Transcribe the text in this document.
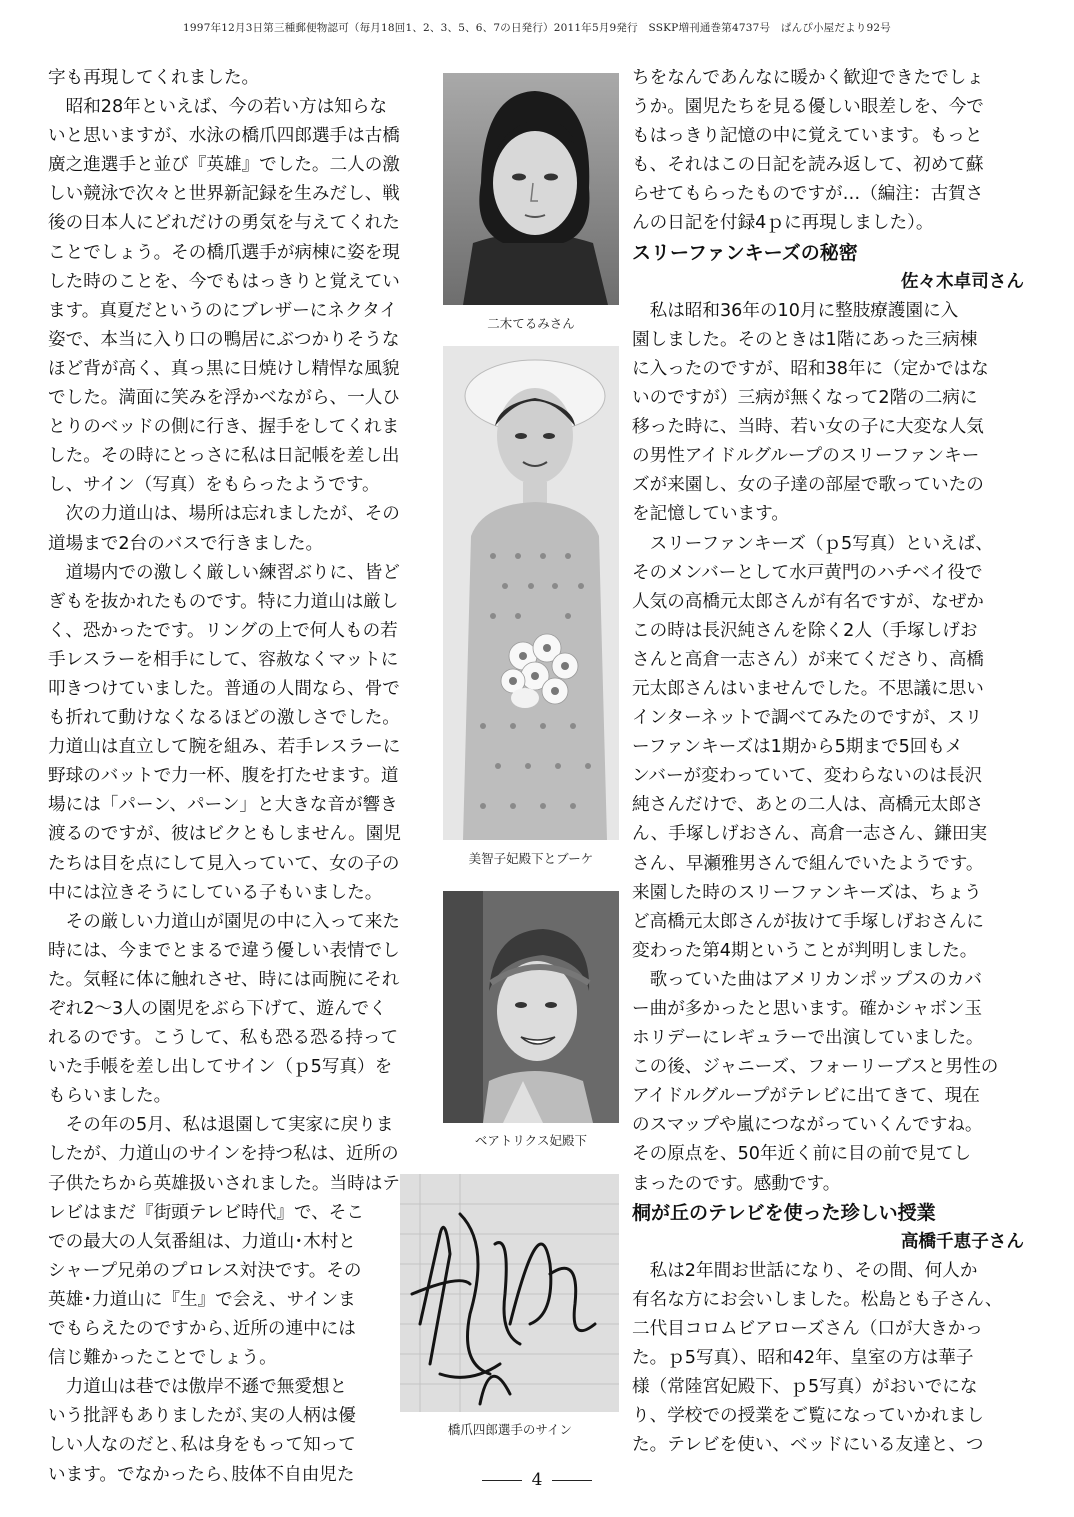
1997年12月3日第三種郵便物認可（毎月18回1、2、3、5、6、7の日発行）2011年5月9発行　SSKP増刊通巻第4737号　ぱんぴ小屋だより92号
字も再現してくれました。
　昭和28年といえば、今の若い方は知らな
いと思いますが、水泳の橋爪四郎選手は古橋
廣之進選手と並び『英雄』でした。二人の激
しい競泳で次々と世界新記録を生みだし、戦
後の日本人にどれだけの勇気を与えてくれた
ことでしょう。その橋爪選手が病棟に姿を現
した時のことを、今でもはっきりと覚えてい
ます。真夏だというのにブレザーにネクタイ
姿で、本当に入り口の鴨居にぶつかりそうな
ほど背が高く、真っ黒に日焼けし精悍な風貌
でした。満面に笑みを浮かべながら、一人ひ
とりのベッドの側に行き、握手をしてくれま
した。その時にとっさに私は日記帳を差し出
し、サイン（写真）をもらったようです。
　次の力道山は、場所は忘れましたが、その
道場まで2台のバスで行きました。
　道場内での激しく厳しい練習ぶりに、皆ど
ぎもを抜かれたものです。特に力道山は厳し
く、恐かったです。リングの上で何人もの若
手レスラーを相手にして、容赦なくマットに
叩きつけていました。普通の人間なら、骨で
も折れて動けなくなるほどの激しさでした。
力道山は直立して腕を組み、若手レスラーに
野球のバットで力一杯、腹を打たせます。道
場には「パーン、パーン」と大きな音が響き
渡るのですが、彼はビクともしません。園児
たちは目を点にして見入っていて、女の子の
中には泣きそうにしている子もいました。
　その厳しい力道山が園児の中に入って来た
時には、今までとまるで違う優しい表情でし
た。気軽に体に触れさせ、時には両腕にそれ
ぞれ2〜3人の園児をぶら下げて、遊んでく
れるのです。こうして、私も恐る恐る持って
いた手帳を差し出してサイン（ｐ5写真）を
もらいました。
　その年の5月、私は退園して実家に戻りま
したが、力道山のサインを持つ私は、近所の
子供たちから英雄扱いされました。当時はテ
レビはまだ『街頭テレビ時代』で、そこ
での最大の人気番組は、力道山･木村と
シャープ兄弟のプロレス対決です。その
英雄･力道山に『生』で会え、サインま
でもらえたのですから､近所の連中には
信じ難かったことでしょう。
　力道山は巷では傲岸不遜で無愛想と
いう批評もありましたが､実の人柄は優
しい人なのだと､私は身をもって知って
います。でなかったら､肢体不自由児た
ちをなんであんなに暖かく歓迎できたでしょ
うか。園児たちを見る優しい眼差しを、今で
もはっきり記憶の中に覚えています。もっと
も、それはこの日記を読み返して、初めて蘇
らせてもらったものですが…（編注：古賀さ
んの日記を付録4ｐに再現しました）。
スリーファンキーズの秘密
佐々木卓司さん
　私は昭和36年の10月に整肢療護園に入
園しました。そのときは1階にあった三病棟
に入ったのですが、昭和38年に（定かではな
いのですが）三病が無くなって2階の二病に
移った時に、当時、若い女の子に大変な人気
の男性アイドルグループのスリーファンキー
ズが来園し、女の子達の部屋で歌っていたの
を記憶しています。
　スリーファンキーズ（ｐ5写真）といえば、
そのメンバーとして水戸黄門のハチベイ役で
人気の高橋元太郎さんが有名ですが、なぜか
この時は長沢純さんを除く2人（手塚しげお
さんと高倉一志さん）が来てくださり、高橋
元太郎さんはいませんでした。不思議に思い
インターネットで調べてみたのですが、スリ
ーファンキーズは1期から5期まで5回もメ
ンバーが変わっていて、変わらないのは長沢
純さんだけで、あとの二人は、高橋元太郎さ
ん、手塚しげおさん、高倉一志さん、鎌田実
さん、早瀬雅男さんで組んでいたようです。
来園した時のスリーファンキーズは、ちょう
ど高橋元太郎さんが抜けて手塚しげおさんに
変わった第4期ということが判明しました。
　歌っていた曲はアメリカンポップスのカバ
ー曲が多かったと思います。確かシャボン玉
ホリデーにレギュラーで出演していました。
この後、ジャニーズ、フォーリーブスと男性の
アイドルグループがテレビに出てきて、現在
のスマップや嵐につながっていくんですね。
その原点を、50年近く前に目の前で見てし
まったのです。感動です。
桐が丘のテレビを使った珍しい授業
高橋千恵子さん
　私は2年間お世話になり、その間、何人か
有名な方にお会いしました。松島とも子さん、
二代目コロムビアローズさん（口が大きかっ
た。ｐ5写真）、昭和42年、皇室の方は華子
様（常陸宮妃殿下、ｐ5写真）がおいでにな
り、学校での授業をご覧になっていかれまし
た。テレビを使い、ベッドにいる友達と、つ
二木てるみさん
美智子妃殿下とブーケ
ベアトリクス妃殿下
橋爪四郎選手のサイン
4
